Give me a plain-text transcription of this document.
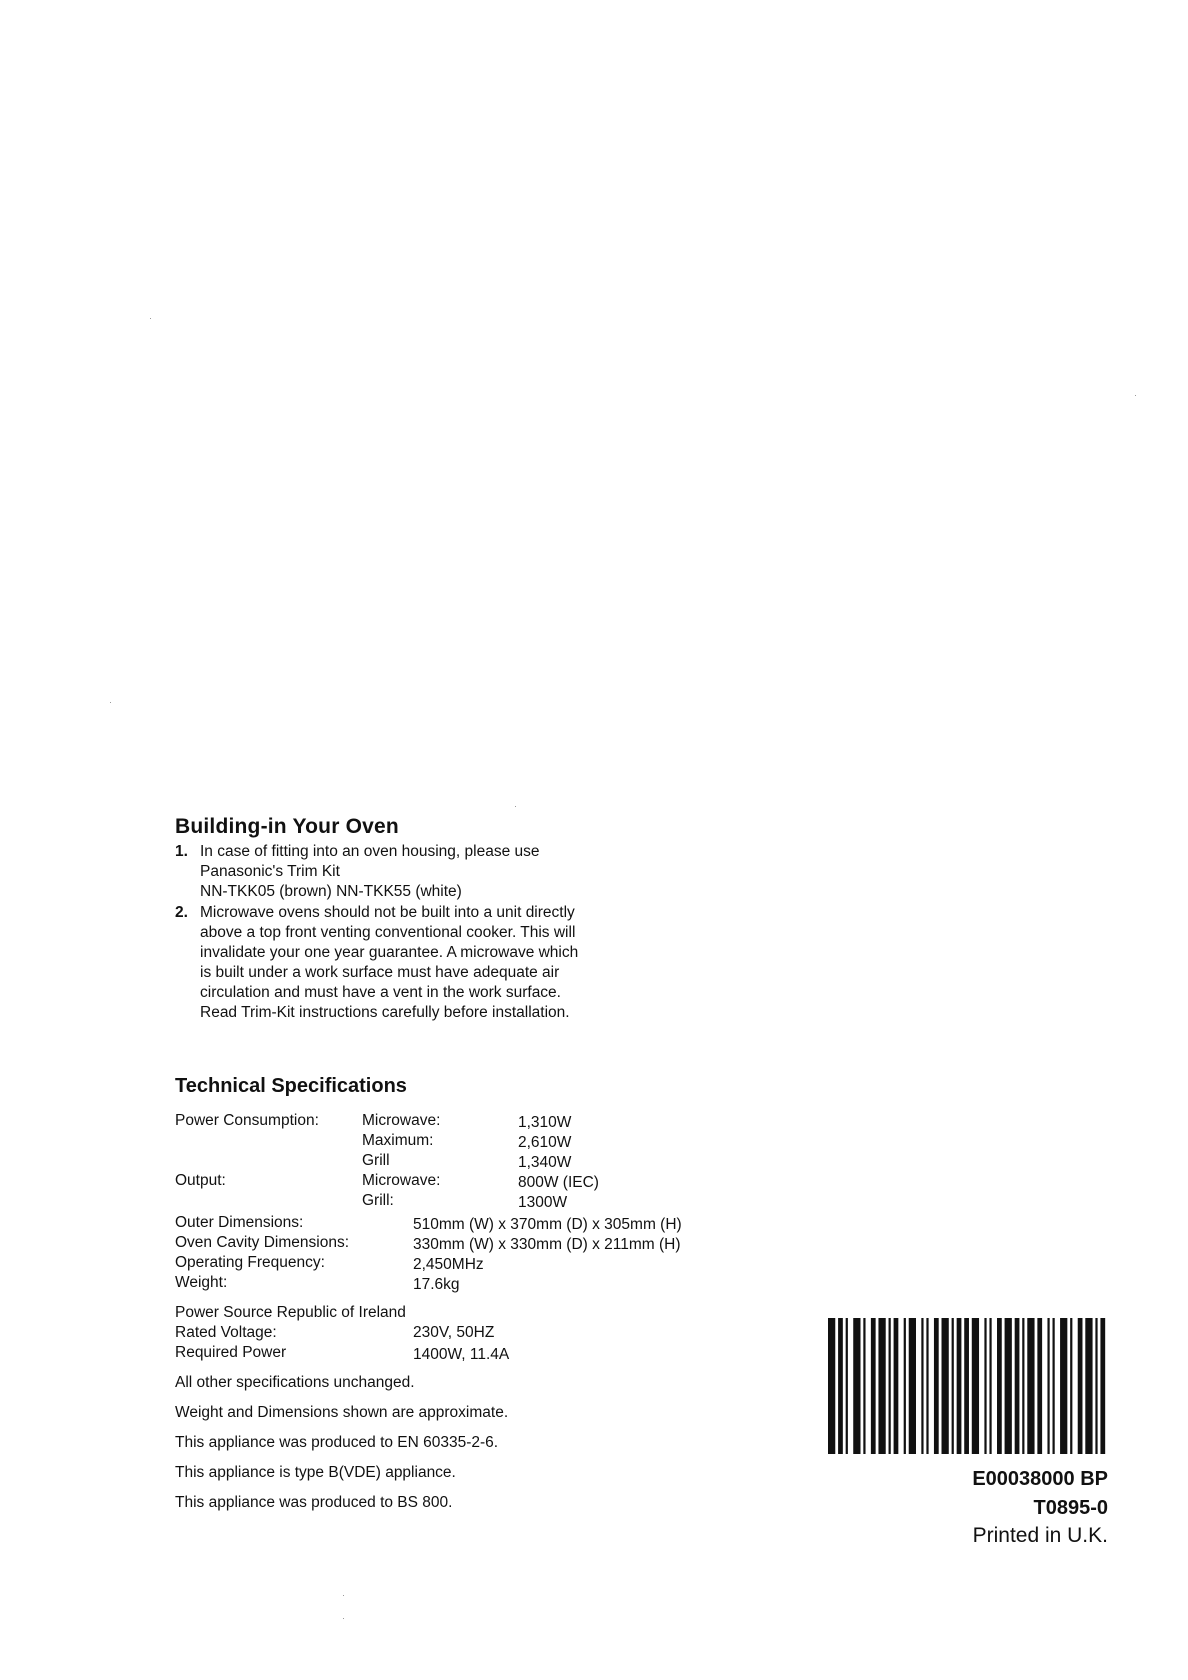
Building-in Your Oven
1. In case of fitting into an oven housing, please use
Panasonic's Trim Kit
NN-TKK05 (brown) NN-TKK55 (white)
2. Microwave ovens should not be built into a unit directly
above a top front venting conventional cooker. This will
invalidate your one year guarantee. A microwave which
is built under a work surface must have adequate air
circulation and must have a vent in the work surface.
Read Trim-Kit instructions carefully before installation.
Technical Specifications
Power Consumption:	Microwave:	1,310W
Maximum:	2,610W
Grill	1,340W
Output:	Microwave:	800W (IEC)
Grill:	1300W
Outer Dimensions:	510mm (W) x 370mm (D) x 305mm (H)
Oven Cavity Dimensions:	330mm (W) x 330mm (D) x 211mm (H)
Operating Frequency:	2,450MHz
Weight:	17.6kg
Power Source Republic of Ireland
Rated Voltage:	230V, 50HZ
Required Power	1400W, 11.4A
All other specifications unchanged.
Weight and Dimensions shown are approximate.
This appliance was produced to EN 60335-2-6.
This appliance is type B(VDE) appliance.
This appliance was produced to BS 800.
E00038000 BP
T0895-0
Printed in U.K.
